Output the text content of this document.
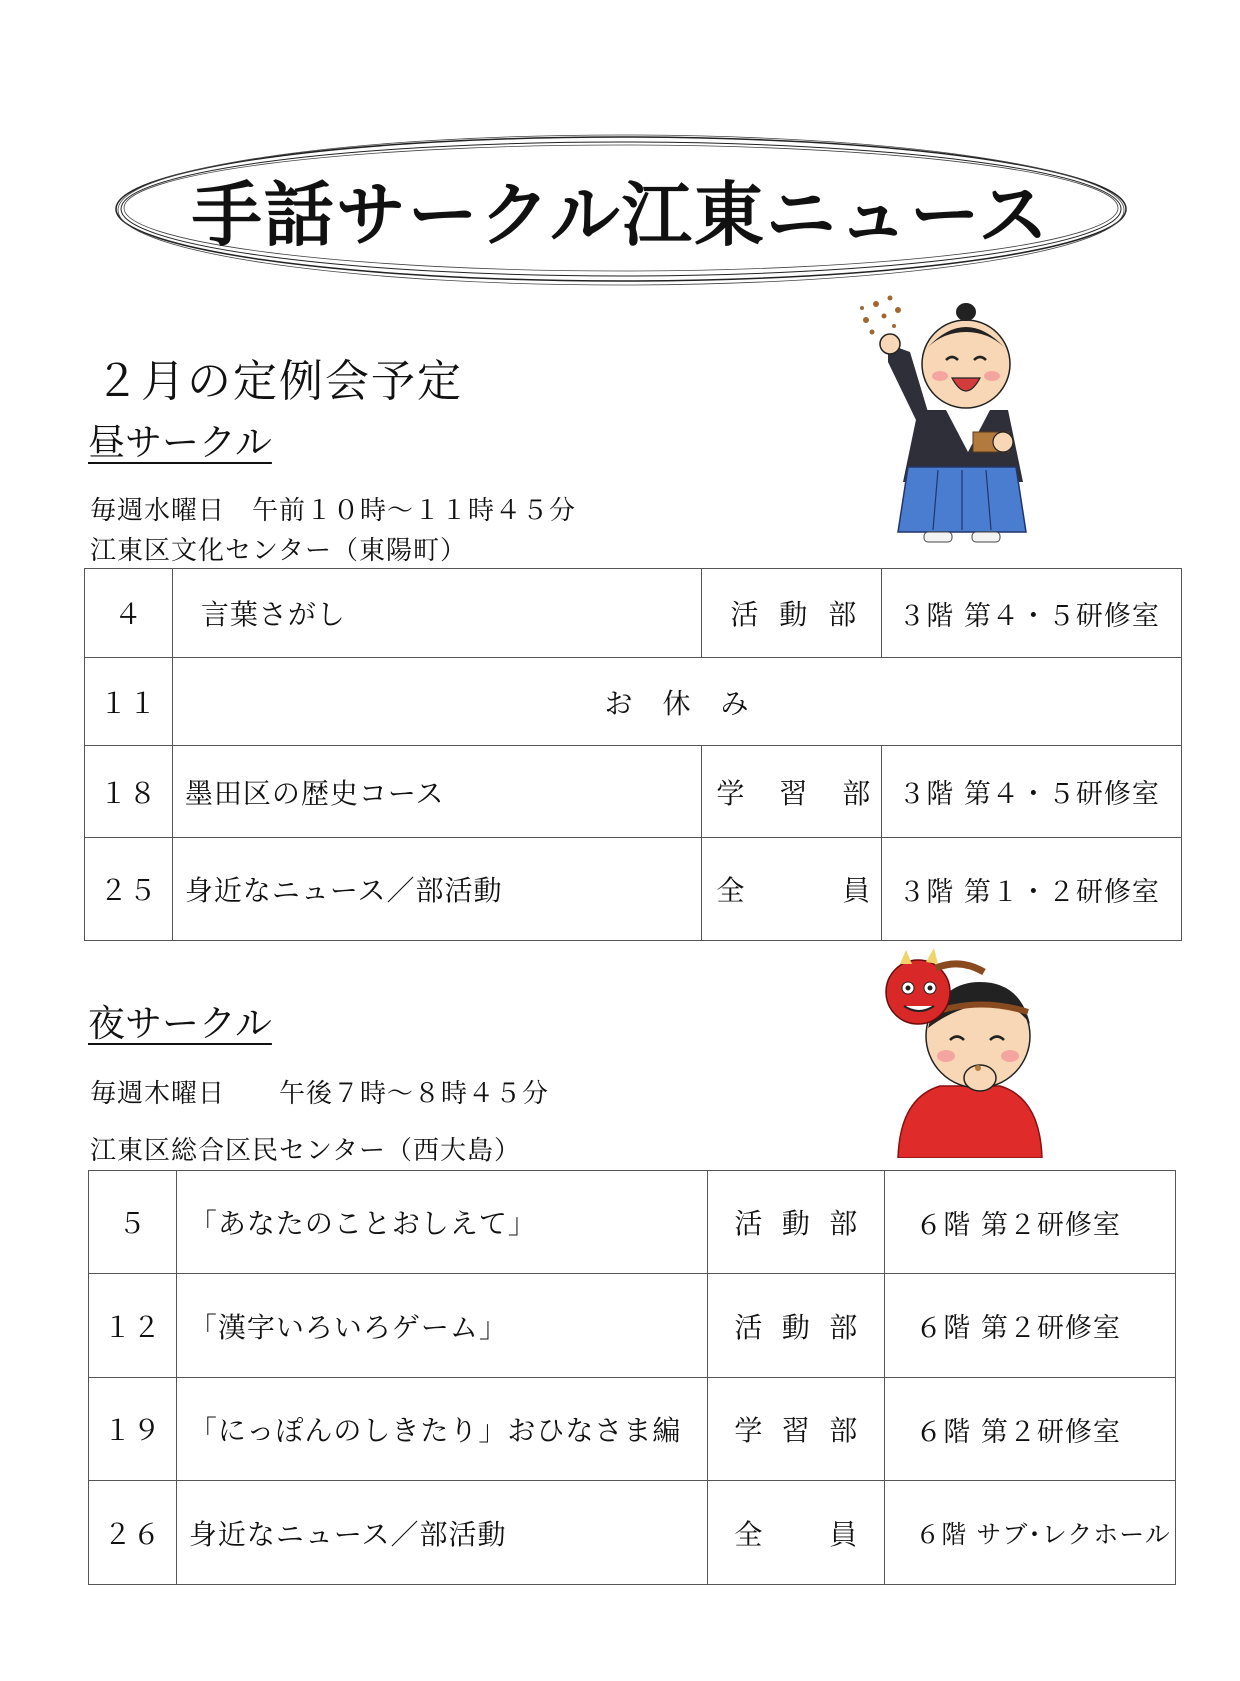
手話サークル江東ニュース
２月の定例会予定
昼サークル
毎週水曜日　午前１０時～１１時４５分
江東区文化センター（東陽町）
４	言葉さがし	活 動 部	３階 第４・５研修室
１１	お　休　み		
１８	墨田区の歴史コース	学 習 部	３階 第４・５研修室
２５	身近なニュース／部活動	全 員	３階 第１・２研修室
夜サークル
毎週木曜日　　午後７時～８時４５分
江東区総合区民センター（西大島）
５	「あなたのことおしえて」	活 動 部	６階 第２研修室
１２	「漢字いろいろゲーム」	活 動 部	６階 第２研修室
１９	「にっぽんのしきたり」おひなさま編	学 習 部	６階 第２研修室
２６	身近なニュース／部活動	全 員	６階 サブ･レクホール
